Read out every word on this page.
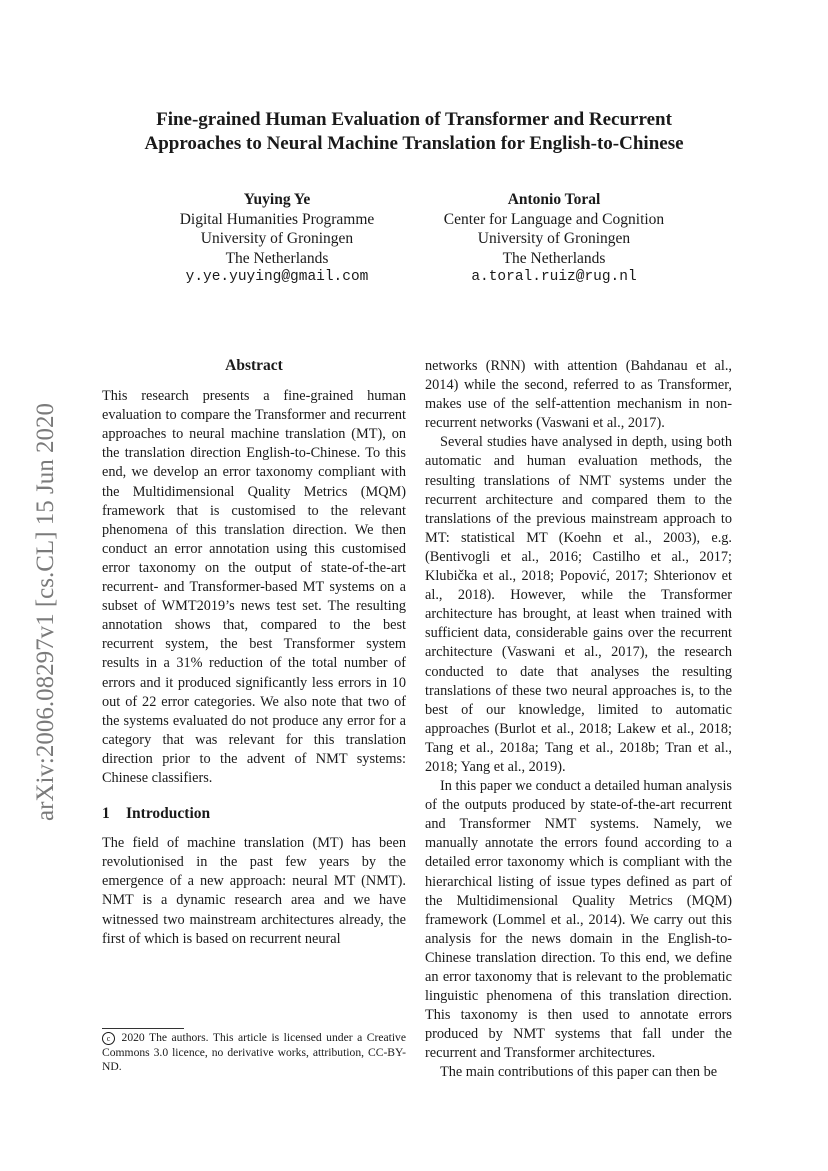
Fine-grained Human Evaluation of Transformer and Recurrent
Approaches to Neural Machine Translation for English-to-Chinese
Yuying Ye
Digital Humanities Programme
University of Groningen
The Netherlands
y.ye.yuying@gmail.com
Antonio Toral
Center for Language and Cognition
University of Groningen
The Netherlands
a.toral.ruiz@rug.nl
arXiv:2006.08297v1 [cs.CL] 15 Jun 2020
Abstract

This research presents a fine-grained human evaluation to compare the Transformer and recurrent approaches to neural machine translation (MT), on the translation direction English-to-Chinese. To this end, we develop an error taxonomy compliant with the Multidimensional Quality Metrics (MQM) framework that is customised to the relevant phenomena of this translation direction. We then conduct an error annotation using this customised error taxonomy on the output of state-of-the-art recurrent- and Transformer-based MT systems on a subset of WMT2019’s news test set. The resulting annotation shows that, compared to the best recurrent system, the best Transformer system results in a 31% reduction of the total number of errors and it produced significantly less errors in 10 out of 22 error categories. We also note that two of the systems evaluated do not produce any error for a category that was relevant for this translation direction prior to the advent of NMT systems: Chinese classifiers.

1 Introduction

The field of machine translation (MT) has been revolutionised in the past few years by the emergence of a new approach: neural MT (NMT). NMT is a dynamic research area and we have witnessed two mainstream architectures already, the first of which is based on recurrent neural

networks (RNN) with attention (Bahdanau et al., 2014) while the second, referred to as Transformer, makes use of the self-attention mechanism in non-recurrent networks (Vaswani et al., 2017).

Several studies have analysed in depth, using both automatic and human evaluation methods, the resulting translations of NMT systems under the recurrent architecture and compared them to the translations of the previous mainstream approach to MT: statistical MT (Koehn et al., 2003), e.g. (Bentivogli et al., 2016; Castilho et al., 2017; Klubička et al., 2018; Popović, 2017; Shterionov et al., 2018). However, while the Transformer architecture has brought, at least when trained with sufficient data, considerable gains over the recurrent architecture (Vaswani et al., 2017), the research conducted to date that analyses the resulting translations of these two neural approaches is, to the best of our knowledge, limited to automatic approaches (Burlot et al., 2018; Lakew et al., 2018; Tang et al., 2018a; Tang et al., 2018b; Tran et al., 2018; Yang et al., 2019).

In this paper we conduct a detailed human analysis of the outputs produced by state-of-the-art recurrent and Transformer NMT systems. Namely, we manually annotate the errors found according to a detailed error taxonomy which is compliant with the hierarchical listing of issue types defined as part of the Multidimensional Quality Metrics (MQM) framework (Lommel et al., 2014). We carry out this analysis for the news domain in the English-to-Chinese translation direction. To this end, we define an error taxonomy that is relevant to the problematic linguistic phenomena of this translation direction. This taxonomy is then used to annotate errors produced by NMT systems that fall under the recurrent and Transformer architectures.

The main contributions of this paper can then be

c 2020 The authors. This article is licensed under a Creative Commons 3.0 licence, no derivative works, attribution, CC-BY-ND.
